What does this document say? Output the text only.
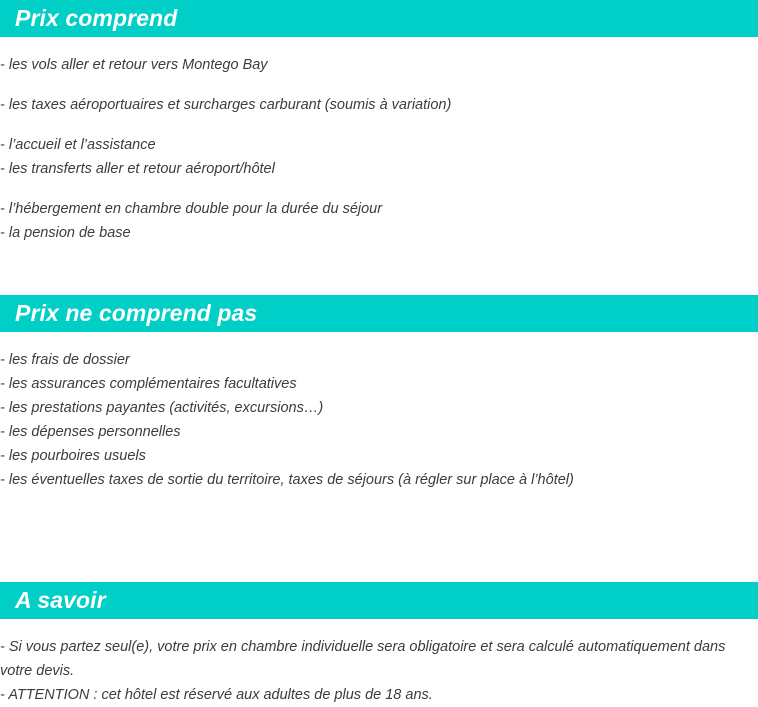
Prix comprend
- les vols aller et retour vers Montego Bay
- les taxes aéroportuaires et surcharges carburant (soumis à variation)
- l’accueil et l’assistance
- les transferts aller et retour aéroport/hôtel
- l’hébergement en chambre double pour la durée du séjour
- la pension de base
Prix ne comprend pas
- les frais de dossier
- les assurances complémentaires facultatives
- les prestations payantes (activités, excursions…)
- les dépenses personnelles
- les pourboires usuels
- les éventuelles taxes de sortie du territoire, taxes de séjours (à régler sur place à l’hôtel)
A savoir
- Si vous partez seul(e), votre prix en chambre individuelle sera obligatoire et sera calculé automatiquement dans votre devis.
- ATTENTION : cet hôtel est réservé aux adultes de plus de 18 ans.
